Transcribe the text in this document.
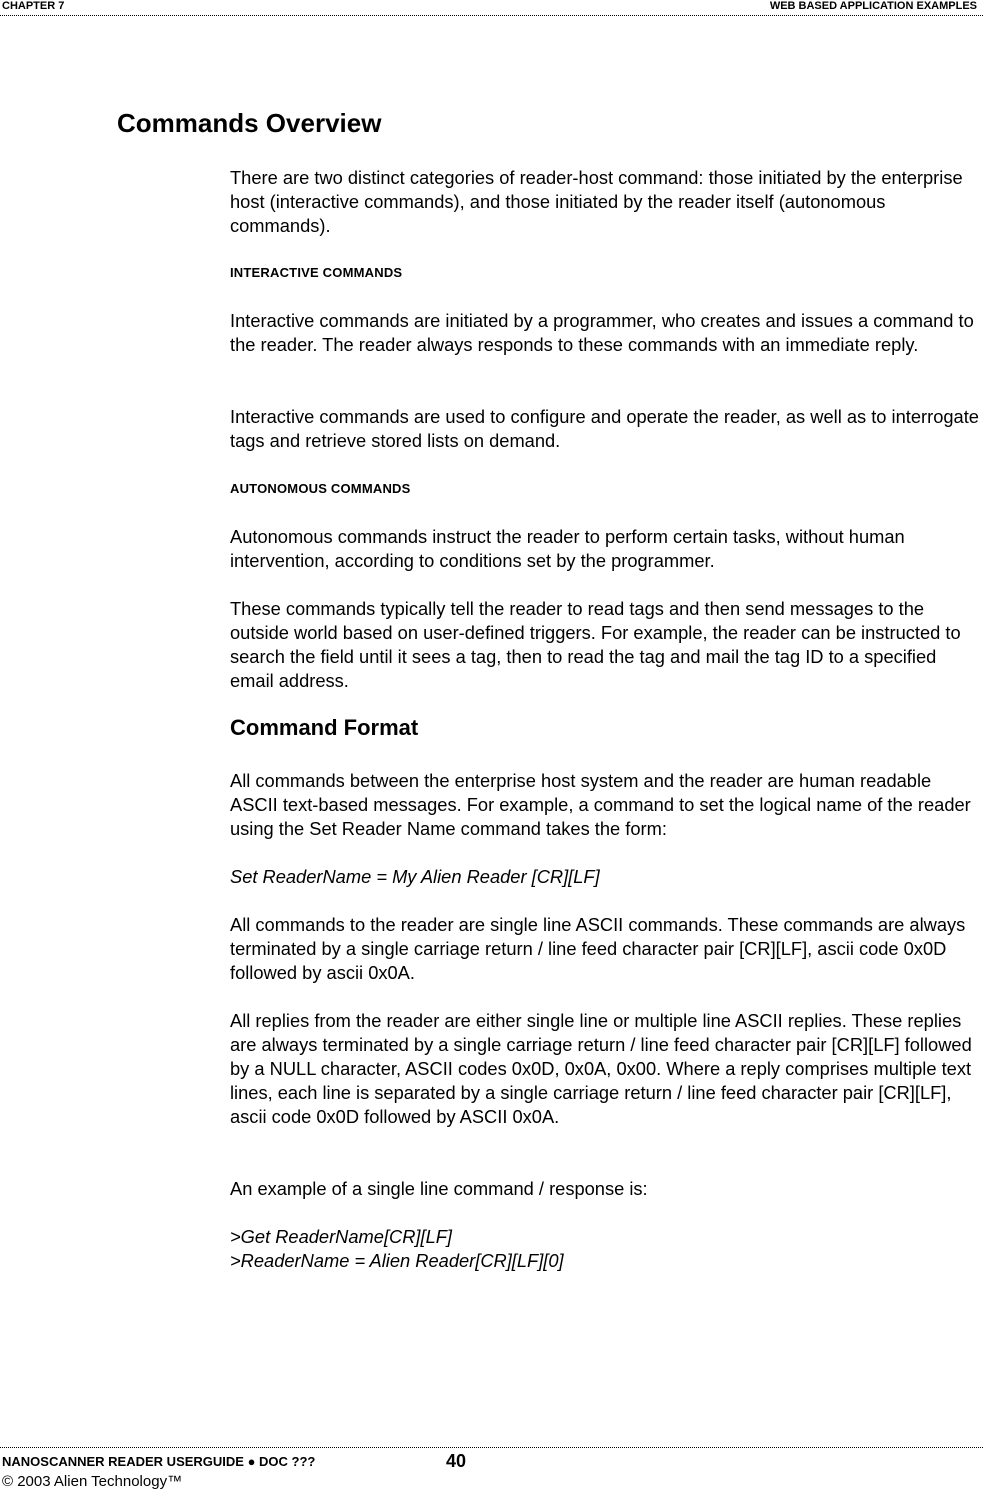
CHAPTER 7	WEB BASED APPLICATION EXAMPLES
Commands Overview

There are two distinct categories of reader-host command: those initiated by the enterprise host (interactive commands), and those initiated by the reader itself (autonomous commands).

INTERACTIVE COMMANDS

Interactive commands are initiated by a programmer, who creates and issues a command to the reader. The reader always responds to these commands with an immediate reply.

Interactive commands are used to configure and operate the reader, as well as to interrogate tags and retrieve stored lists on demand.

AUTONOMOUS COMMANDS

Autonomous commands instruct the reader to perform certain tasks, without human intervention, according to conditions set by the programmer.

These commands typically tell the reader to read tags and then send messages to the outside world based on user-defined triggers. For example, the reader can be instructed to search the field until it sees a tag, then to read the tag and mail the tag ID to a specified email address.

Command Format

All commands between the enterprise host system and the reader are human readable ASCII text-based messages. For example, a command to set the logical name of the reader using the Set Reader Name command takes the form:

Set ReaderName = My Alien Reader [CR][LF]

All commands to the reader are single line ASCII commands. These commands are always terminated by a single carriage return / line feed character pair [CR][LF], ascii code 0x0D followed by ascii 0x0A.

All replies from the reader are either single line or multiple line ASCII replies. These replies are always terminated by a single carriage return / line feed character pair [CR][LF] followed by a NULL character, ASCII codes 0x0D, 0x0A, 0x00. Where a reply comprises multiple text lines, each line is separated by a single carriage return / line feed character pair [CR][LF], ascii code 0x0D followed by ASCII 0x0A.

An example of a single line command / response is:

>Get ReaderName[CR][LF]

>ReaderName = Alien Reader[CR][LF][0]

NANOSCANNER READER USERGUIDE ● DOC ???	40
© 2003 Alien Technology™
